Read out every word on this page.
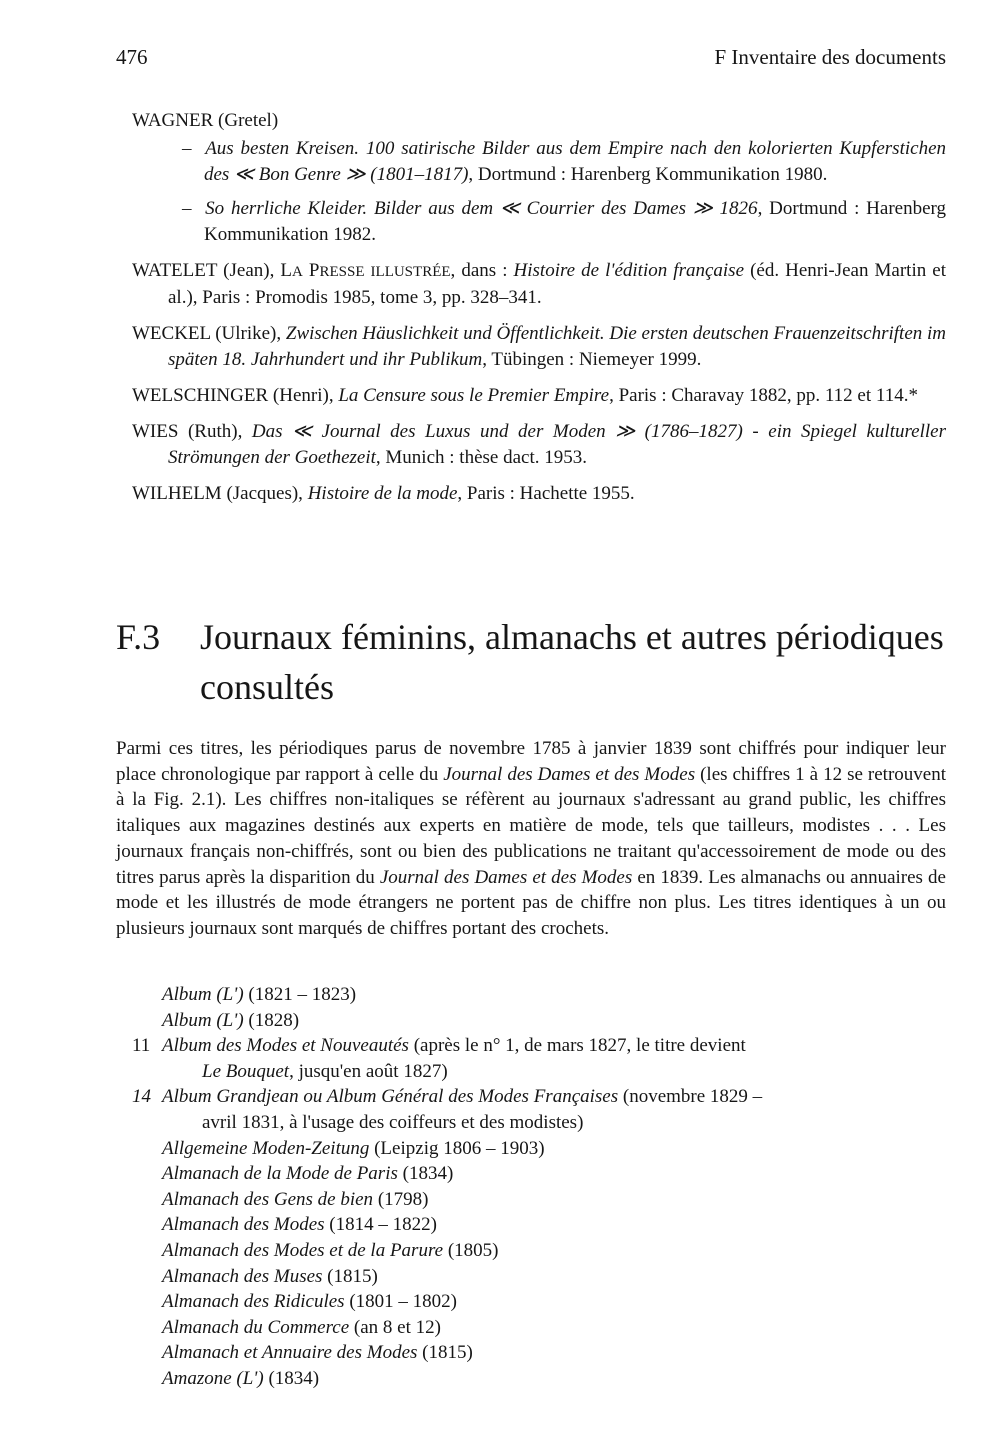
476	F Inventaire des documents
WAGNER (Gretel)
– Aus besten Kreisen. 100 satirische Bilder aus dem Empire nach den kolorierten Kupferstichen des ≪ Bon Genre ≫ (1801–1817), Dortmund : Harenberg Kommunikation 1980.
– So herrliche Kleider. Bilder aus dem ≪ Courrier des Dames ≫ 1826, Dortmund : Harenberg Kommunikation 1982.
WATELET (Jean), LA PRESSE ILLUSTRÉE, dans : Histoire de l'édition française (éd. Henri-Jean Martin et al.), Paris : Promodis 1985, tome 3, pp. 328–341.
WECKEL (Ulrike), Zwischen Häuslichkeit und Öffentlichkeit. Die ersten deutschen Frauenzeitschriften im späten 18. Jahrhundert und ihr Publikum, Tübingen : Niemeyer 1999.
WELSCHINGER (Henri), La Censure sous le Premier Empire, Paris : Charavay 1882, pp. 112 et 114.*
WIES (Ruth), Das ≪ Journal des Luxus und der Moden ≫ (1786–1827) - ein Spiegel kultureller Strömungen der Goethezeit, Munich : thèse dact. 1953.
WILHELM (Jacques), Histoire de la mode, Paris : Hachette 1955.
F.3 Journaux féminins, almanachs et autres périodiques consultés

Parmi ces titres, les périodiques parus de novembre 1785 à janvier 1839 sont chiffrés pour indiquer leur place chronologique par rapport à celle du Journal des Dames et des Modes (les chiffres 1 à 12 se retrouvent à la Fig. 2.1). Les chiffres non-italiques se réfèrent au journaux s'adressant au grand public, les chiffres italiques aux magazines destinés aux experts en matière de mode, tels que tailleurs, modistes . . . Les journaux français non-chiffrés, sont ou bien des publications ne traitant qu'accessoirement de mode ou des titres parus après la disparition du Journal des Dames et des Modes en 1839. Les almanachs ou annuaires de mode et les illustrés de mode étrangers ne portent pas de chiffre non plus. Les titres identiques à un ou plusieurs journaux sont marqués de chiffres portant des crochets.

Album (L') (1821 – 1823)
Album (L') (1828)
11 Album des Modes et Nouveautés (après le n° 1, de mars 1827, le titre devient
Le Bouquet, jusqu'en août 1827)
14 Album Grandjean ou Album Général des Modes Françaises (novembre 1829 –
avril 1831, à l'usage des coiffeurs et des modistes)
Allgemeine Moden-Zeitung (Leipzig 1806 – 1903)
Almanach de la Mode de Paris (1834)
Almanach des Gens de bien (1798)
Almanach des Modes (1814 – 1822)
Almanach des Modes et de la Parure (1805)
Almanach des Muses (1815)
Almanach des Ridicules (1801 – 1802)
Almanach du Commerce (an 8 et 12)
Almanach et Annuaire des Modes (1815)
Amazone (L') (1834)
